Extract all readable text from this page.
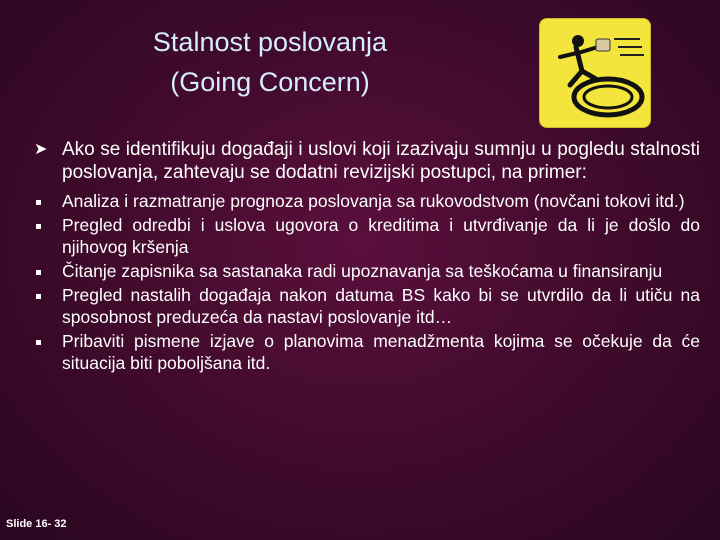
Stalnost poslovanja
(Going Concern)
➤ Ako se identifikuju događaji i uslovi koji izazivaju sumnju u pogledu stalnosti poslovanja, zahtevaju se dodatni revizijski postupci, na primer:
Analiza i razmatranje prognoza poslovanja sa rukovodstvom (novčani tokovi itd.)
Pregled odredbi i uslova ugovora o kreditima i utvrđivanje da li je došlo do njihovog kršenja
Čitanje zapisnika sa sastanaka radi upoznavanja sa teškoćama u finansiranju
Pregled nastalih događaja nakon datuma BS kako bi se utvrdilo da li utiču na sposobnost preduzeća da nastavi poslovanje itd…
Pribaviti pismene izjave o planovima menadžmenta kojima se očekuje da će situacija biti poboljšana itd.
Slide 16- 32
